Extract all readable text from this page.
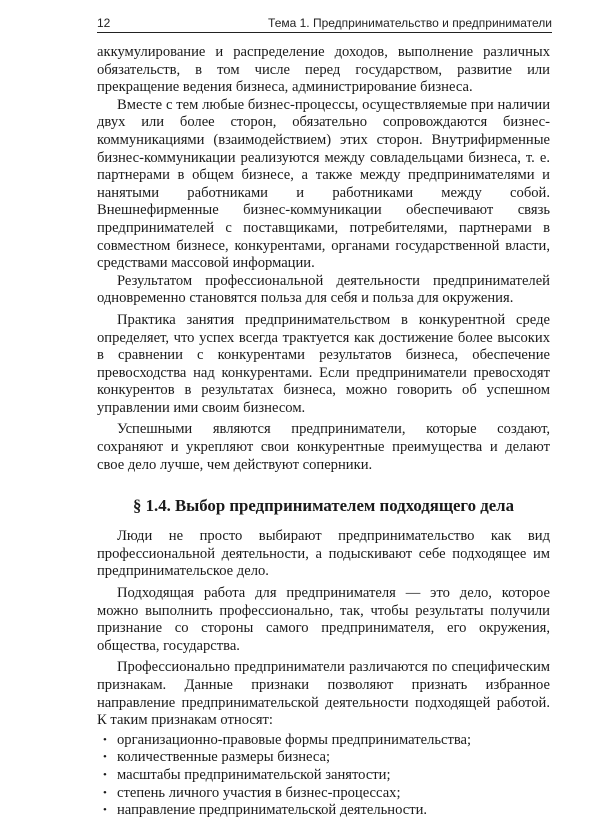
12	Тема 1. Предпринимательство и предприниматели

аккумулирование и распределение доходов, выполнение различных обязательств, в том числе перед государством, развитие или прекращение ведения бизнеса, администрирование бизнеса.

Вместе с тем любые бизнес-процессы, осуществляемые при наличии двух или более сторон, обязательно сопровождаются бизнес-коммуникациями (взаимодействием) этих сторон. Внутрифирменные бизнес-коммуникации реализуются между совладельцами бизнеса, т. е. партнерами в общем бизнесе, а также между предпринимателями и нанятыми работниками и работниками между собой. Внешнефирменные бизнес-коммуникации обеспечивают связь предпринимателей с поставщиками, потребителями, партнерами в совместном бизнесе, конкурентами, органами государственной власти, средствами массовой информации.

Результатом профессиональной деятельности предпринимателей одновременно становятся польза для себя и польза для окружения.

Практика занятия предпринимательством в конкурентной среде определяет, что успех всегда трактуется как достижение более высоких в сравнении с конкурентами результатов бизнеса, обеспечение превосходства над конкурентами. Если предприниматели превосходят конкурентов в результатах бизнеса, можно говорить об успешном управлении ими своим бизнесом.

Успешными являются предприниматели, которые создают, сохраняют и укрепляют свои конкурентные преимущества и делают свое дело лучше, чем действуют соперники.

§ 1.4. Выбор предпринимателем подходящего дела

Люди не просто выбирают предпринимательство как вид профессиональной деятельности, а подыскивают себе подходящее им предпринимательское дело.

Подходящая работа для предпринимателя — это дело, которое можно выполнить профессионально, так, чтобы результаты получили признание со стороны самого предпринимателя, его окружения, общества, государства.

Профессионально предприниматели различаются по специфическим признакам. Данные признаки позволяют признать избранное направление предпринимательской деятельности подходящей работой. К таким признакам относят:

• организационно-правовые формы предпринимательства;
• количественные размеры бизнеса;
• масштабы предпринимательской занятости;
• степень личного участия в бизнес-процессах;
• направление предпринимательской деятельности.
